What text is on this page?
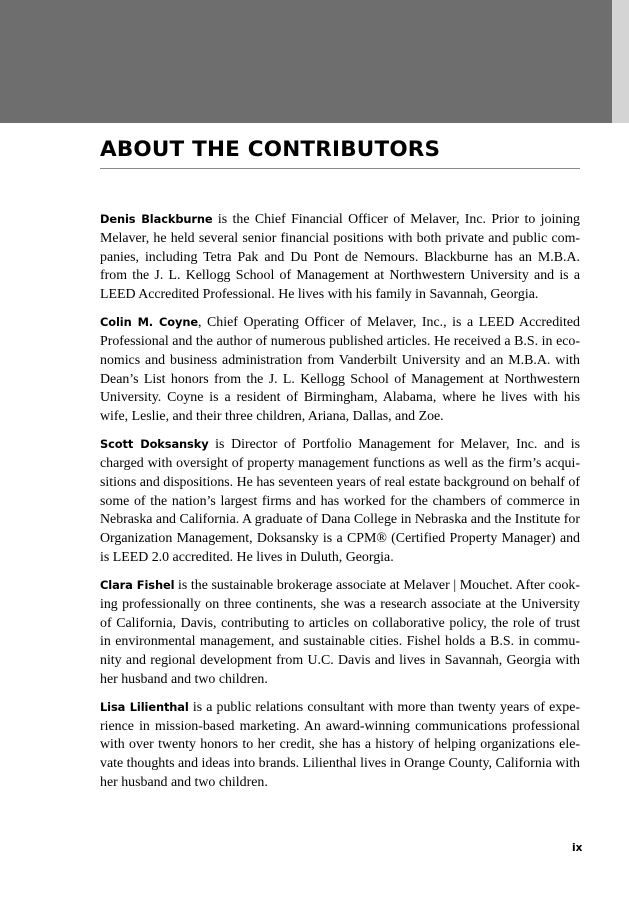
ABOUT THE CONTRIBUTORS

Denis Blackburne is the Chief Financial Officer of Melaver, Inc. Prior to joining Melaver, he held several senior financial positions with both private and public com-panies, including Tetra Pak and Du Pont de Nemours. Blackburne has an M.B.A. from the J. L. Kellogg School of Management at Northwestern University and is a LEED Accredited Professional. He lives with his family in Savannah, Georgia.

Colin M. Coyne, Chief Operating Officer of Melaver, Inc., is a LEED Accredited Professional and the author of numerous published articles. He received a B.S. in eco-nomics and business administration from Vanderbilt University and an M.B.A. with Dean’s List honors from the J. L. Kellogg School of Management at Northwestern University. Coyne is a resident of Birmingham, Alabama, where he lives with his wife, Leslie, and their three children, Ariana, Dallas, and Zoe.

Scott Doksansky is Director of Portfolio Management for Melaver, Inc. and is charged with oversight of property management functions as well as the firm’s acqui-sitions and dispositions. He has seventeen years of real estate background on behalf of some of the nation’s largest firms and has worked for the chambers of commerce in Nebraska and California. A graduate of Dana College in Nebraska and the Institute for Organization Management, Doksansky is a CPM® (Certified Property Manager) and is LEED 2.0 accredited. He lives in Duluth, Georgia.

Clara Fishel is the sustainable brokerage associate at Melaver | Mouchet. After cook-ing professionally on three continents, she was a research associate at the University of California, Davis, contributing to articles on collaborative policy, the role of trust in environmental management, and sustainable cities. Fishel holds a B.S. in commu-nity and regional development from U.C. Davis and lives in Savannah, Georgia with her husband and two children.

Lisa Lilienthal is a public relations consultant with more than twenty years of expe-rience in mission-based marketing. An award-winning communications professional with over twenty honors to her credit, she has a history of helping organizations ele-vate thoughts and ideas into brands. Lilienthal lives in Orange County, California with her husband and two children.

ix
